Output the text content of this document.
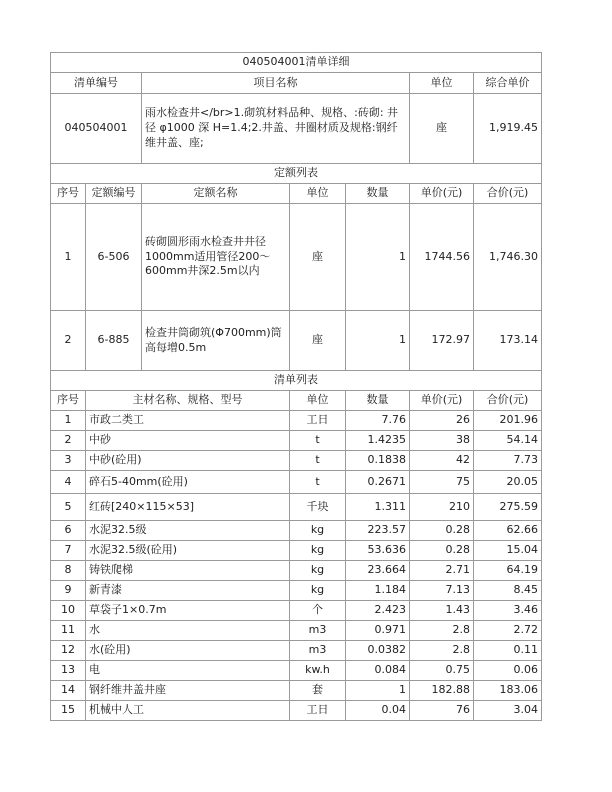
040504001清单详细						
清单编号		项目名称			单位	综合单价
040504001		雨水检查井</br>1.砌筑材料品种、规格、:砖砌: 井径 φ1000 深 H=1.4;2.井盖、井圈材质及规格:钢纤维井盖、座;			座	1,919.45
定额列表						
序号	定额编号	定额名称	单位	数量	单价(元)	合价(元)
1	6-506	砖砌圆形雨水检查井井径1000mm适用管径200～600mm井深2.5m以内	座	1	1744.56	1,746.30
2	6-885	检查井筒砌筑(Φ700mm)筒高每增0.5m	座	1	172.97	173.14
清单列表						
序号	主材名称、规格、型号		单位	数量	单价(元)	合价(元)
1	市政二类工		工日	7.76	26	201.96
2	中砂		t	1.4235	38	54.14
3	中砂(砼用)		t	0.1838	42	7.73
4	碎石5-40mm(砼用)		t	0.2671	75	20.05
5	红砖[240×115×53]		千块	1.311	210	275.59
6	水泥32.5级		kg	223.57	0.28	62.66
7	水泥32.5级(砼用)		kg	53.636	0.28	15.04
8	铸铁爬梯		kg	23.664	2.71	64.19
9	新青漆		kg	1.184	7.13	8.45
10	草袋子1×0.7m		个	2.423	1.43	3.46
11	水		m3	0.971	2.8	2.72
12	水(砼用)		m3	0.0382	2.8	0.11
13	电		kw.h	0.084	0.75	0.06
14	钢纤维井盖井座		套	1	182.88	183.06
15	机械中人工		工日	0.04	76	3.04
